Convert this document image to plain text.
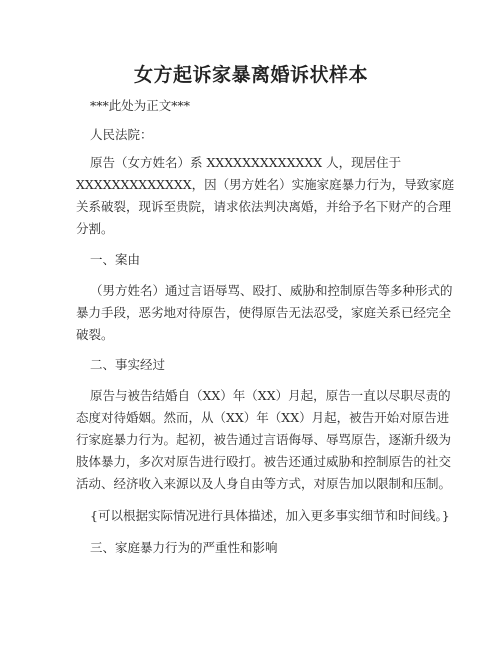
女方起诉家暴离婚诉状样本
***此处为正文***
人民法院：
原告（女方姓名）系 XXXXXXXXXXXXX 人，现居住于
XXXXXXXXXXXXX，因（男方姓名）实施家庭暴力行为，导致家庭
关系破裂，现诉至贵院，请求依法判决离婚，并给予名下财产的合理
分割。
一、案由
（男方姓名）通过言语辱骂、殴打、威胁和控制原告等多种形式的
暴力手段，恶劣地对待原告，使得原告无法忍受，家庭关系已经完全
破裂。
二、事实经过
原告与被告结婚自（XX）年（XX）月起，原告一直以尽职尽责的
态度对待婚姻。然而，从（XX）年（XX）月起，被告开始对原告进
行家庭暴力行为。起初，被告通过言语侮辱、辱骂原告，逐渐升级为
肢体暴力，多次对原告进行殴打。被告还通过威胁和控制原告的社交
活动、经济收入来源以及人身自由等方式，对原告加以限制和压制。
{可以根据实际情况进行具体描述，加入更多事实细节和时间线。}
三、家庭暴力行为的严重性和影响
